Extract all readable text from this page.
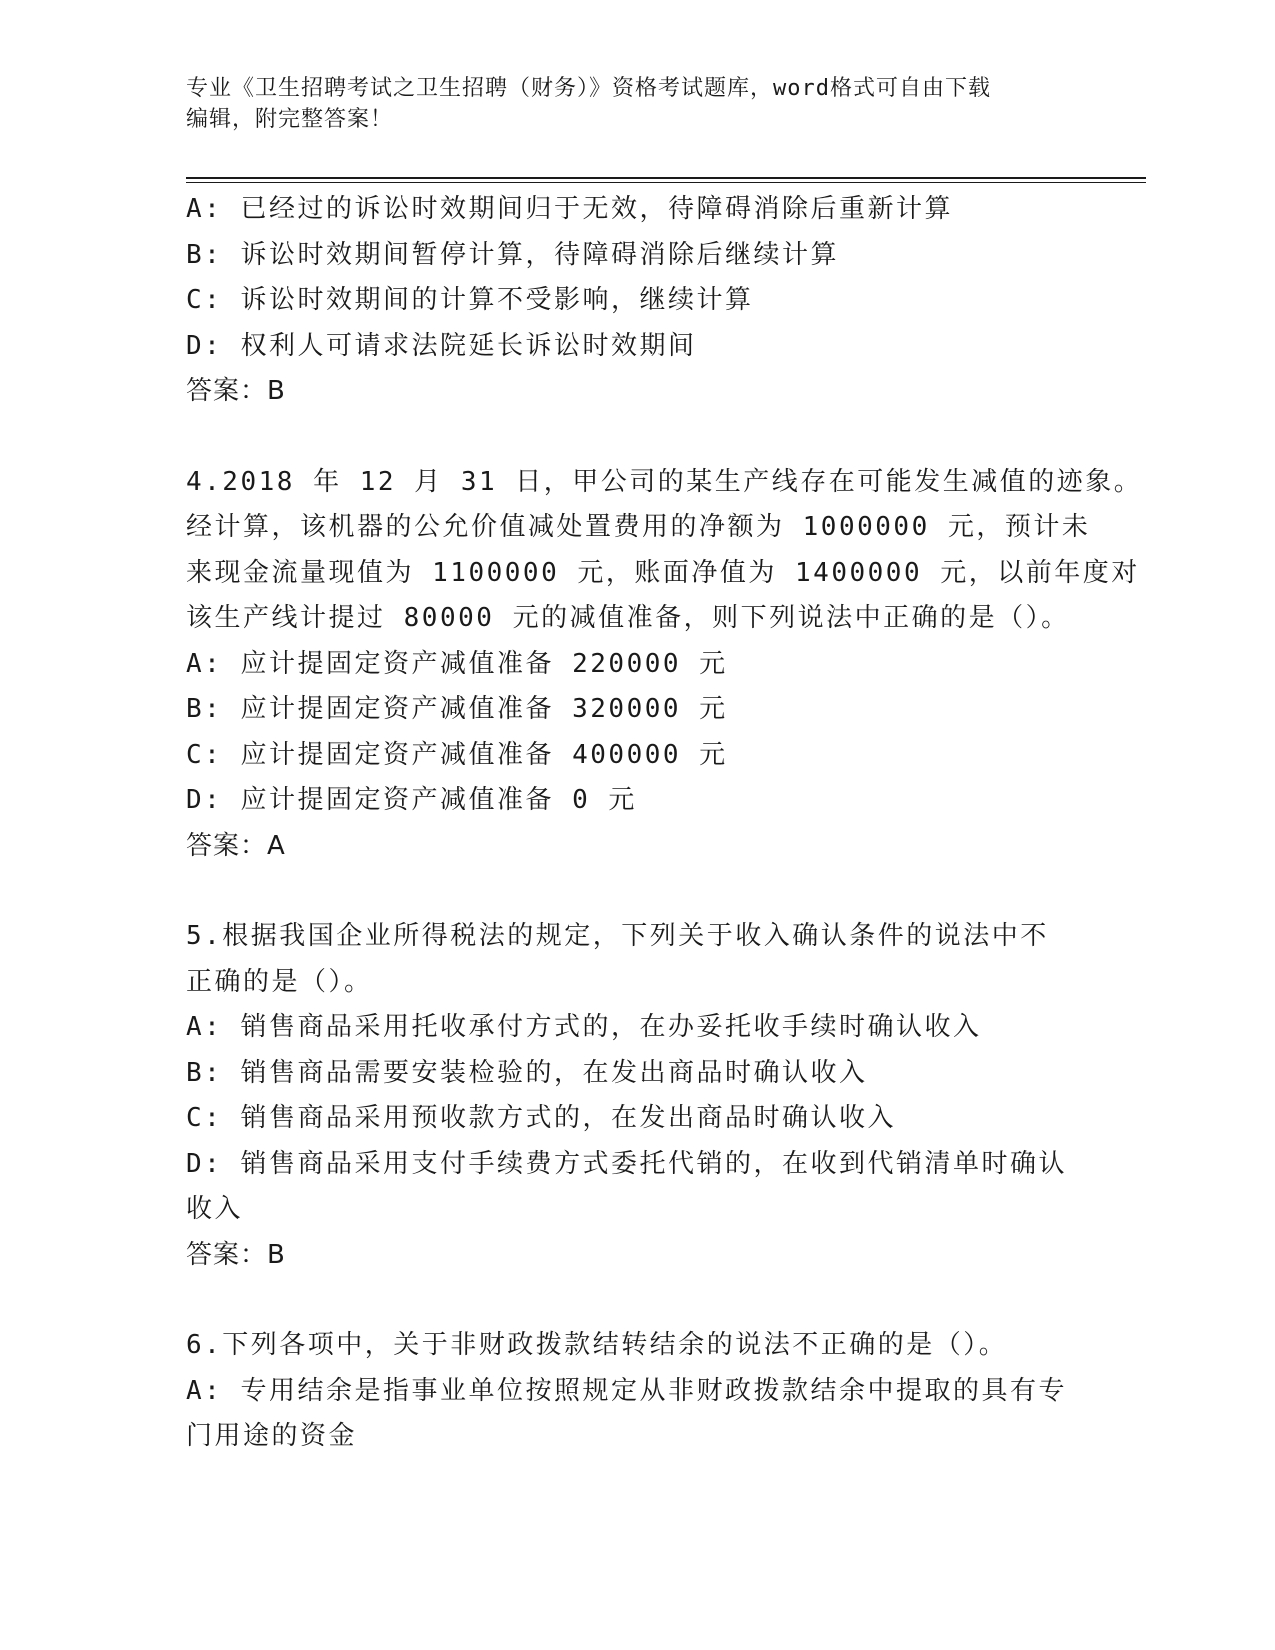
专业《卫生招聘考试之卫生招聘（财务）》资格考试题库，word格式可自由下载
编辑，附完整答案！
A: 已经过的诉讼时效期间归于无效，待障碍消除后重新计算
B: 诉讼时效期间暂停计算，待障碍消除后继续计算
C: 诉讼时效期间的计算不受影响，继续计算
D: 权利人可请求法院延长诉讼时效期间
答案：B
4.2018 年 12 月 31 日，甲公司的某生产线存在可能发生减值的迹象。
经计算，该机器的公允价值减处置费用的净额为 1000000 元，预计未
来现金流量现值为 1100000 元，账面净值为 1400000 元，以前年度对
该生产线计提过 80000 元的减值准备，则下列说法中正确的是（）。
A: 应计提固定资产减值准备 220000 元
B: 应计提固定资产减值准备 320000 元
C: 应计提固定资产减值准备 400000 元
D: 应计提固定资产减值准备 0 元
答案：A
5.根据我国企业所得税法的规定，下列关于收入确认条件的说法中不
正确的是（）。
A: 销售商品采用托收承付方式的，在办妥托收手续时确认收入
B: 销售商品需要安装检验的，在发出商品时确认收入
C: 销售商品采用预收款方式的，在发出商品时确认收入
D: 销售商品采用支付手续费方式委托代销的，在收到代销清单时确认
收入
答案：B
6.下列各项中，关于非财政拨款结转结余的说法不正确的是（）。
A: 专用结余是指事业单位按照规定从非财政拨款结余中提取的具有专
门用途的资金
